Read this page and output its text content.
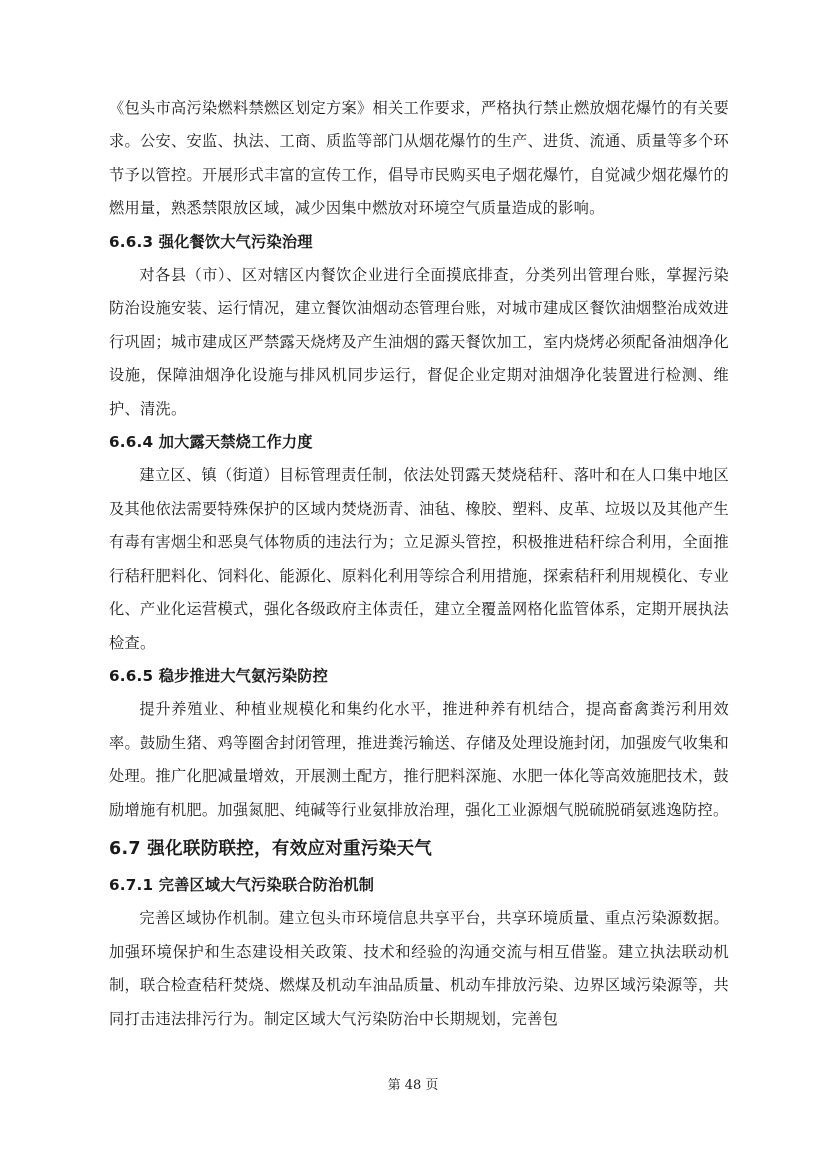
《包头市高污染燃料禁燃区划定方案》相关工作要求，严格执行禁止燃放烟花爆竹的有关要求。公安、安监、执法、工商、质监等部门从烟花爆竹的生产、进货、流通、质量等多个环节予以管控。开展形式丰富的宣传工作，倡导市民购买电子烟花爆竹，自觉减少烟花爆竹的燃用量，熟悉禁限放区域，减少因集中燃放对环境空气质量造成的影响。

6.6.3 强化餐饮大气污染治理

对各县（市）、区对辖区内餐饮企业进行全面摸底排查，分类列出管理台账，掌握污染防治设施安装、运行情况，建立餐饮油烟动态管理台账，对城市建成区餐饮油烟整治成效进行巩固；城市建成区严禁露天烧烤及产生油烟的露天餐饮加工，室内烧烤必须配备油烟净化设施，保障油烟净化设施与排风机同步运行，督促企业定期对油烟净化装置进行检测、维护、清洗。

6.6.4 加大露天禁烧工作力度

建立区、镇（街道）目标管理责任制，依法处罚露天焚烧秸秆、落叶和在人口集中地区及其他依法需要特殊保护的区域内焚烧沥青、油毡、橡胶、塑料、皮革、垃圾以及其他产生有毒有害烟尘和恶臭气体物质的违法行为；立足源头管控，积极推进秸秆综合利用，全面推行秸秆肥料化、饲料化、能源化、原料化利用等综合利用措施，探索秸秆利用规模化、专业化、产业化运营模式，强化各级政府主体责任，建立全覆盖网格化监管体系，定期开展执法检查。

6.6.5 稳步推进大气氨污染防控

提升养殖业、种植业规模化和集约化水平，推进种养有机结合，提高畜禽粪污利用效率。鼓励生猪、鸡等圈舍封闭管理，推进粪污输送、存储及处理设施封闭，加强废气收集和处理。推广化肥减量增效，开展测土配方，推行肥料深施、水肥一体化等高效施肥技术，鼓励增施有机肥。加强氮肥、纯碱等行业氨排放治理，强化工业源烟气脱硫脱硝氨逃逸防控。

6.7 强化联防联控，有效应对重污染天气

6.7.1 完善区域大气污染联合防治机制

完善区域协作机制。建立包头市环境信息共享平台，共享环境质量、重点污染源数据。加强环境保护和生态建设相关政策、技术和经验的沟通交流与相互借鉴。建立执法联动机制，联合检查秸秆焚烧、燃煤及机动车油品质量、机动车排放污染、边界区域污染源等，共同打击违法排污行为。制定区域大气污染防治中长期规划，完善包

第 48 页
